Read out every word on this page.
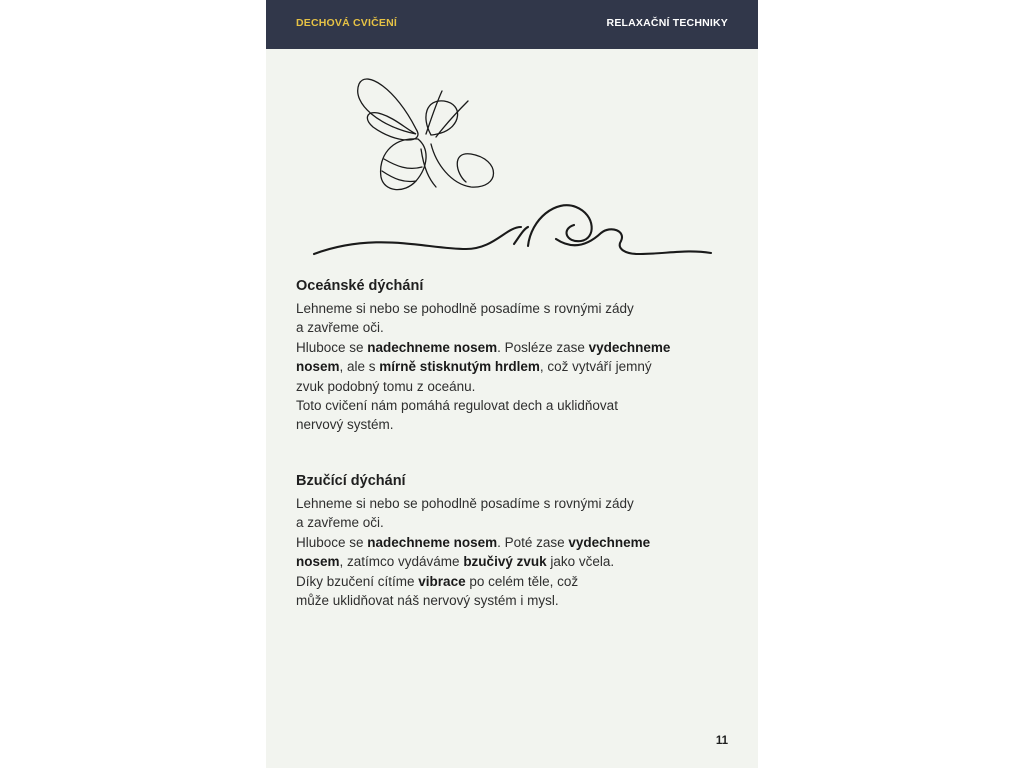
DECHOVÁ CVIČENÍ	RELAXAČNÍ TECHNIKY
Oceánské dýchání

Lehneme si nebo se pohodlně posadíme s rovnými zády
a zavřeme oči.
Hluboce se nadechneme nosem. Posléze zase vydechneme
nosem, ale s mírně stisknutým hrdlem, což vytváří jemný
zvuk podobný tomu z oceánu.
Toto cvičení nám pomáhá regulovat dech a uklidňovat
nervový systém.

Bzučící dýchání

Lehneme si nebo se pohodlně posadíme s rovnými zády
a zavřeme oči.
Hluboce se nadechneme nosem. Poté zase vydechneme
nosem, zatímco vydáváme bzučivý zvuk jako včela.
Díky bzučení cítíme vibrace po celém těle, což
může uklidňovat náš nervový systém i mysl.

11
